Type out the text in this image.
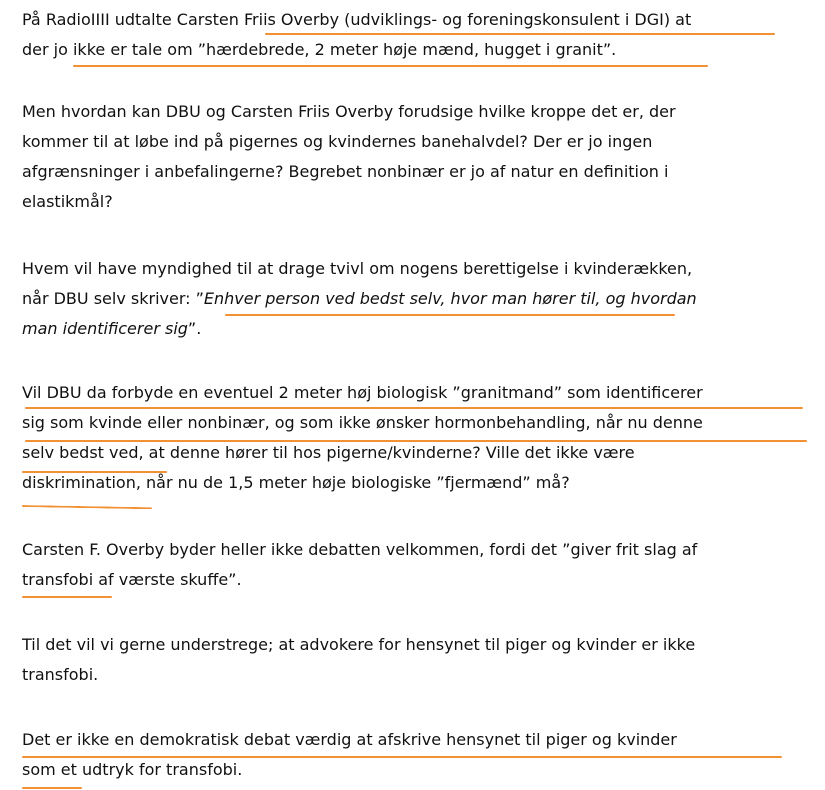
På RadioIIII udtalte Carsten Friis Overby (udviklings- og foreningskonsulent i DGI) at
der jo ikke er tale om ”hærdebrede, 2 meter høje mænd, hugget i granit”.

Men hvordan kan DBU og Carsten Friis Overby forudsige hvilke kroppe det er, der
kommer til at løbe ind på pigernes og kvindernes banehalvdel? Der er jo ingen
afgrænsninger i anbefalingerne? Begrebet nonbinær er jo af natur en definition i
elastikmål?

Hvem vil have myndighed til at drage tvivl om nogens berettigelse i kvinderækken,
når DBU selv skriver: ”Enhver person ved bedst selv, hvor man hører til, og hvordan
man identificerer sig”.

Vil DBU da forbyde en eventuel 2 meter høj biologisk ”granitmand” som identificerer
sig som kvinde eller nonbinær, og som ikke ønsker hormonbehandling, når nu denne
selv bedst ved, at denne hører til hos pigerne/kvinderne? Ville det ikke være
diskrimination, når nu de 1,5 meter høje biologiske ”fjermænd” må?

Carsten F. Overby byder heller ikke debatten velkommen, fordi det ”giver frit slag af
transfobi af værste skuffe”.

Til det vil vi gerne understrege; at advokere for hensynet til piger og kvinder er ikke
transfobi.

Det er ikke en demokratisk debat værdig at afskrive hensynet til piger og kvinder
som et udtryk for transfobi.
